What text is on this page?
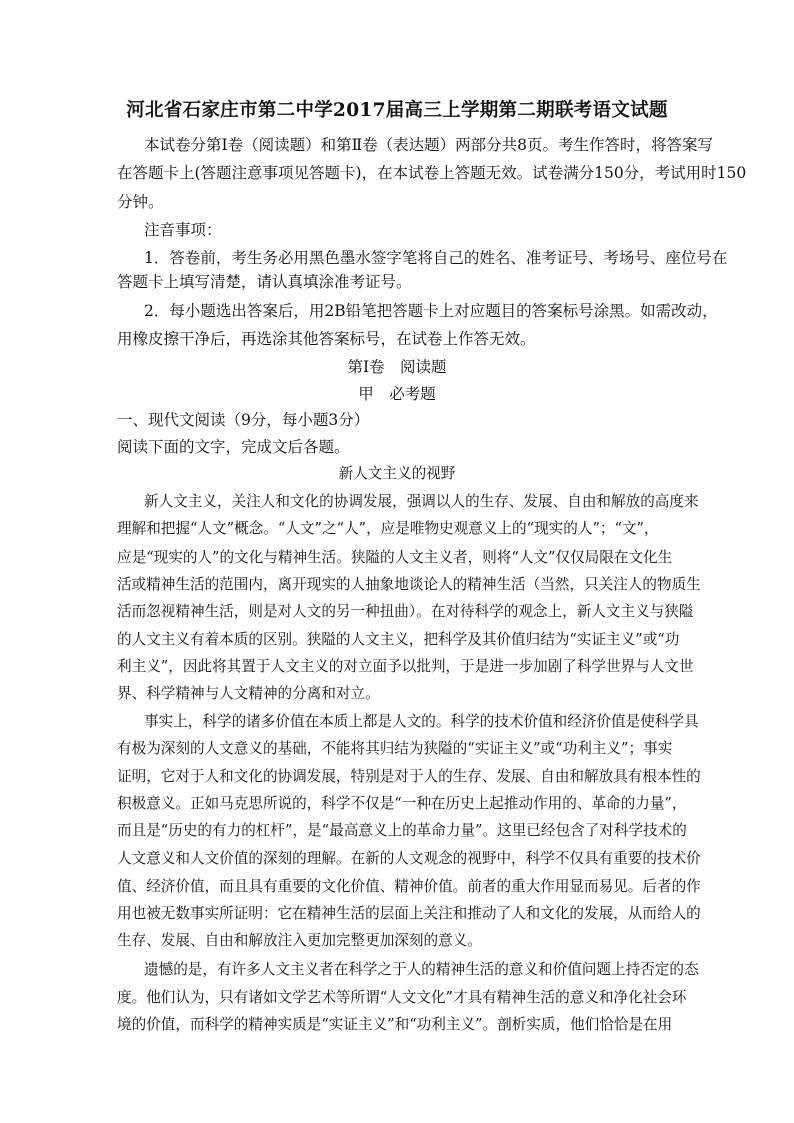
河北省石家庄市第二中学2017届高三上学期第二期联考语文试题
本试卷分第Ⅰ卷（阅读题）和第Ⅱ卷（表达题）两部分共8页。考生作答时，将答案写
在答题卡上(答题注意事项见答题卡)，在本试卷上答题无效。试卷满分150分，考试用时150
分钟。
注音事项：
1．答卷前，考生务必用黑色墨水签字笔将自己的姓名、准考证号、考场号、座位号在
答题卡上填写清楚，请认真填涂准考证号。
2．每小题选出答案后，用2B铅笔把答题卡上对应题目的答案标号涂黑。如需改动，
用橡皮擦干净后，再选涂其他答案标号，在试卷上作答无效。
第Ⅰ卷　阅读题
甲　必考题
一、现代文阅读（9分，每小题3分）
阅读下面的文字，完成文后各题。
新人文主义的视野
新人文主义，关注人和文化的协调发展，强调以人的生存、发展、自由和解放的高度来
理解和把握“人文”概念。“人文”之“人”，应是唯物史观意义上的“现实的人”；“文”，
应是“现实的人”的文化与精神生活。狭隘的人文主义者，则将“人文”仅仅局限在文化生
活或精神生活的范围内，离开现实的人抽象地谈论人的精神生活（当然，只关注人的物质生
活而忽视精神生活，则是对人文的另一种扭曲）。在对待科学的观念上，新人文主义与狭隘
的人文主义有着本质的区别。狭隘的人文主义，把科学及其价值归结为“实证主义”或“功
利主义”，因此将其置于人文主义的对立面予以批判，于是进一步加剧了科学世界与人文世
界、科学精神与人文精神的分离和对立。
事实上，科学的诸多价值在本质上都是人文的。科学的技术价值和经济价值是使科学具
有极为深刻的人文意义的基础，不能将其归结为狭隘的“实证主义”或“功利主义”；事实
证明，它对于人和文化的协调发展，特别是对于人的生存、发展、自由和解放具有根本性的
积极意义。正如马克思所说的，科学不仅是“一种在历史上起推动作用的、革命的力量”，
而且是“历史的有力的杠杆”，是“最高意义上的革命力量”。这里已经包含了对科学技术的
人文意义和人文价值的深刻的理解。在新的人文观念的视野中，科学不仅具有重要的技术价
值、经济价值，而且具有重要的文化价值、精神价值。前者的重大作用显而易见。后者的作
用也被无数事实所证明：它在精神生活的层面上关注和推动了人和文化的发展，从而给人的
生存、发展、自由和解放注入更加完整更加深刻的意义。
遗憾的是，有许多人文主义者在科学之于人的精神生活的意义和价值问题上持否定的态
度。他们认为，只有诸如文学艺术等所谓“人文文化”才具有精神生活的意义和净化社会环
境的价值，而科学的精神实质是“实证主义”和“功利主义”。剖析实质，他们恰恰是在用
